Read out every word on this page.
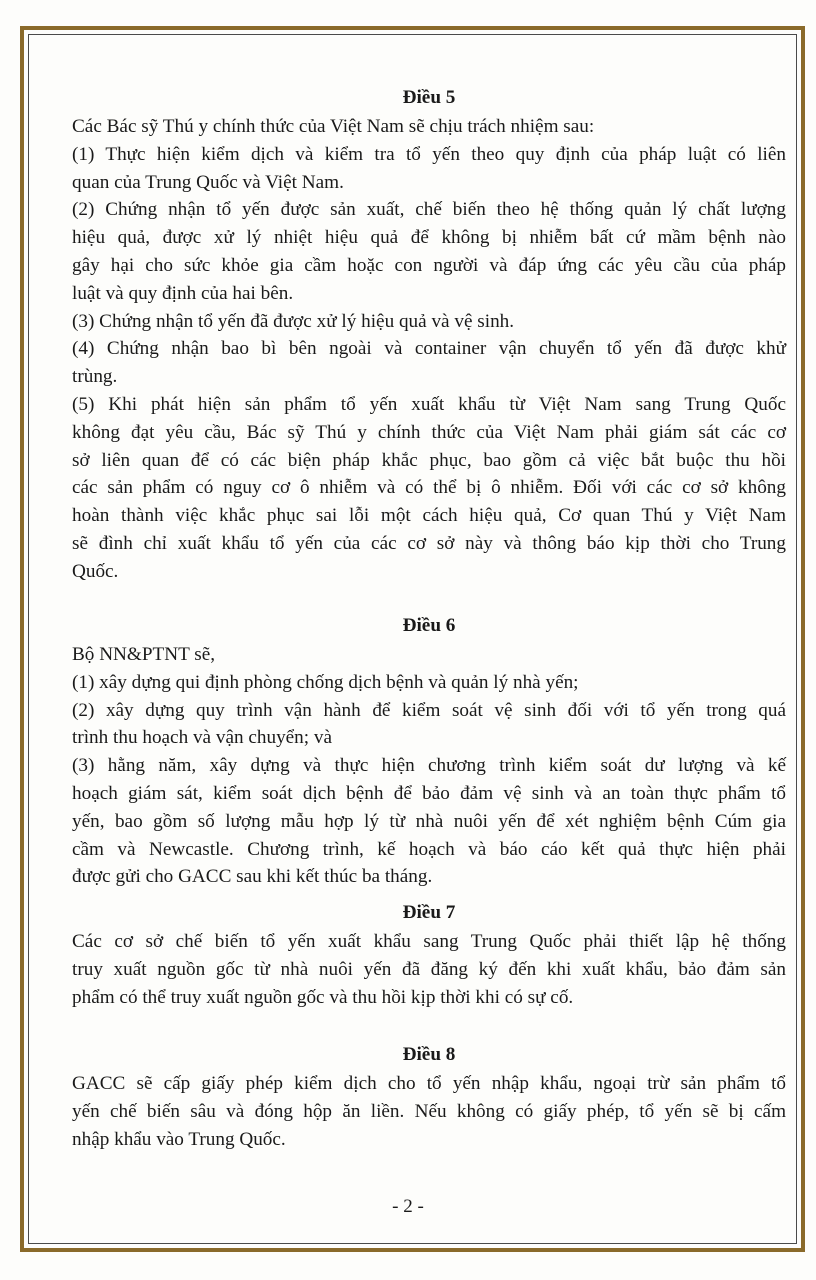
Điều 5
Các Bác sỹ Thú y chính thức của Việt Nam sẽ chịu trách nhiệm sau:
(1) Thực hiện kiểm dịch và kiểm tra tổ yến theo quy định của pháp luật có liên
quan của Trung Quốc và Việt Nam.
(2) Chứng nhận tổ yến được sản xuất, chế biến theo hệ thống quản lý chất lượng
hiệu quả, được xử lý nhiệt hiệu quả để không bị nhiễm bất cứ mầm bệnh nào
gây hại cho sức khỏe gia cầm hoặc con người và đáp ứng các yêu cầu của pháp
luật và quy định của hai bên.
(3) Chứng nhận tổ yến đã được xử lý hiệu quả và vệ sinh.
(4) Chứng nhận bao bì bên ngoài và container vận chuyển tổ yến đã được khử
trùng.
(5) Khi phát hiện sản phẩm tổ yến xuất khẩu từ Việt Nam sang Trung Quốc
không đạt yêu cầu, Bác sỹ Thú y chính thức của Việt Nam phải giám sát các cơ
sở liên quan để có các biện pháp khắc phục, bao gồm cả việc bắt buộc thu hồi
các sản phẩm có nguy cơ ô nhiễm và có thể bị ô nhiễm. Đối với các cơ sở không
hoàn thành việc khắc phục sai lỗi một cách hiệu quả, Cơ quan Thú y Việt Nam
sẽ đình chỉ xuất khẩu tổ yến của các cơ sở này và thông báo kịp thời cho Trung
Quốc.
Điều 6
Bộ NN&PTNT sẽ,
(1) xây dựng qui định phòng chống dịch bệnh và quản lý nhà yến;
(2) xây dựng quy trình vận hành để kiểm soát vệ sinh đối với tổ yến trong quá
trình thu hoạch và vận chuyển; và
(3) hằng năm, xây dựng và thực hiện chương trình kiểm soát dư lượng và kế
hoạch giám sát, kiểm soát dịch bệnh để bảo đảm vệ sinh và an toàn thực phẩm tổ
yến, bao gồm số lượng mẫu hợp lý từ nhà nuôi yến để xét nghiệm bệnh Cúm gia
cầm và Newcastle. Chương trình, kế hoạch và báo cáo kết quả thực hiện phải
được gửi cho GACC sau khi kết thúc ba tháng.
Điều 7
Các cơ sở chế biến tổ yến xuất khẩu sang Trung Quốc phải thiết lập hệ thống
truy xuất nguồn gốc từ nhà nuôi yến đã đăng ký đến khi xuất khẩu, bảo đảm sản
phẩm có thể truy xuất nguồn gốc và thu hồi kịp thời khi có sự cố.
Điều 8
GACC sẽ cấp giấy phép kiểm dịch cho tổ yến nhập khẩu, ngoại trừ sản phẩm tổ
yến chế biến sâu và đóng hộp ăn liền. Nếu không có giấy phép, tổ yến sẽ bị cấm
nhập khẩu vào Trung Quốc.
- 2 -
